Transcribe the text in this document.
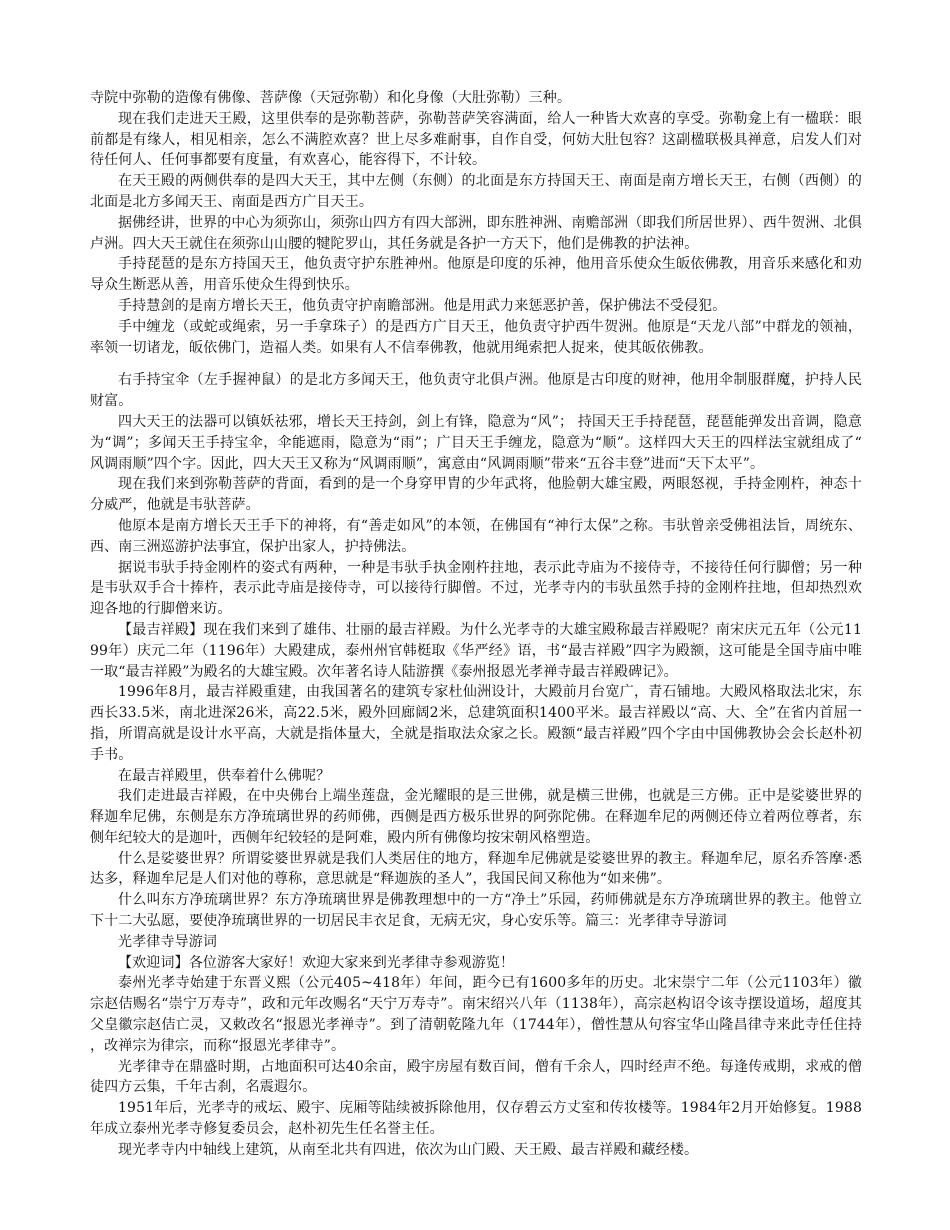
寺院中弥勒的造像有佛像、菩萨像（天冠弥勒）和化身像（大肚弥勒）三种。

现在我们走进天王殿，这里供奉的是弥勒菩萨，弥勒菩萨笑容满面，给人一种皆大欢喜的享受。弥勒龛上有一楹联：眼前都是有缘人，相见相亲，怎么不满腔欢喜？世上尽多难耐事，自作自受，何妨大肚包容？这副楹联极具禅意，启发人们对待任何人、任何事都要有度量，有欢喜心，能容得下，不计较。

在天王殿的两侧供奉的是四大天王，其中左侧（东侧）的北面是东方持国天王、南面是南方增长天王，右侧（西侧）的北面是北方多闻天王、南面是西方广目天王。

据佛经讲，世界的中心为须弥山，须弥山四方有四大部洲，即东胜神洲、南赡部洲（即我们所居世界）、西牛贺洲、北俱卢洲。四大天王就住在须弥山山腰的犍陀罗山，其任务就是各护一方天下，他们是佛教的护法神。

手持琵琶的是东方持国天王，他负责守护东胜神州。他原是印度的乐神，他用音乐使众生皈依佛教，用音乐来感化和劝导众生断恶从善，用音乐使众生得到快乐。

手持慧剑的是南方增长天王，他负责守护南瞻部洲。他是用武力来惩恶护善，保护佛法不受侵犯。

手中缠龙（或蛇或绳索，另一手拿珠子）的是西方广目天王，他负责守护西牛贺洲。他原是“天龙八部”中群龙的领袖，率领一切诸龙，皈依佛门，造福人类。如果有人不信奉佛教，他就用绳索把人捉来，使其皈依佛教。

右手持宝伞（左手握神鼠）的是北方多闻天王，他负责守北俱卢洲。他原是古印度的财神，他用伞制服群魔，护持人民财富。

四大天王的法器可以镇妖祛邪，增长天王持剑，剑上有锋，隐意为“风”； 持国天王手持琵琶，琵琶能弹发出音调，隐意为“调”；多闻天王手持宝伞，伞能遮雨，隐意为“雨”；广目天王手缠龙，隐意为“顺”。这样四大天王的四样法宝就组成了“风调雨顺”四个字。因此，四大天王又称为“风调雨顺”，寓意由“风调雨顺”带来“五谷丰登”进而“天下太平”。

现在我们来到弥勒菩萨的背面，看到的是一个身穿甲胄的少年武将，他脸朝大雄宝殿，两眼怒视，手持金刚杵，神态十分威严，他就是韦驮菩萨。

他原本是南方增长天王手下的神将，有“善走如风”的本领，在佛国有“神行太保”之称。韦驮曾亲受佛祖法旨，周统东、西、南三洲巡游护法事宜，保护出家人，护持佛法。

据说韦驮手持金刚杵的姿式有两种，一种是韦驮手执金刚杵拄地，表示此寺庙为不接侍寺，不接待任何行脚僧；另一种是韦驮双手合十捧杵，表示此寺庙是接侍寺，可以接待行脚僧。不过，光孝寺内的韦驮虽然手持的金刚杵拄地，但却热烈欢迎各地的行脚僧来访。

【最吉祥殿】现在我们来到了雄伟、壮丽的最吉祥殿。为什么光孝寺的大雄宝殿称最吉祥殿呢？南宋庆元五年（公元1199年）庆元二年（1196年）大殿建成，泰州州官韩梃取《华严经》语，书“最吉祥殿”四字为殿额，这可能是全国寺庙中唯一取“最吉祥殿”为殿名的大雄宝殿。次年著名诗人陆游撰《泰州报恩光孝禅寺最吉祥殿碑记》。

1996年8月，最吉祥殿重建，由我国著名的建筑专家杜仙洲设计，大殿前月台宽广，青石铺地。大殿风格取法北宋，东西长33.5米，南北进深26米，高22.5米，殿外回廊阔2米，总建筑面积1400平米。最吉祥殿以“高、大、全”在省内首屈一指，所谓高就是设计水平高，大就是指体量大，全就是指取法众家之长。殿额“最吉祥殿”四个字由中国佛教协会会长赵朴初手书。

在最吉祥殿里，供奉着什么佛呢？

我们走进最吉祥殿，在中央佛台上端坐莲盘，金光耀眼的是三世佛，就是横三世佛，也就是三方佛。正中是娑婆世界的释迦牟尼佛，东侧是东方净琉璃世界的药师佛，西侧是西方极乐世界的阿弥陀佛。在释迦牟尼的两侧还侍立着两位尊者，东侧年纪较大的是迦叶，西侧年纪较轻的是阿难，殿内所有佛像均按宋朝风格塑造。

什么是娑婆世界？所谓娑婆世界就是我们人类居住的地方，释迦牟尼佛就是娑婆世界的教主。释迦牟尼，原名乔答摩·悉达多，释迦牟尼是人们对他的尊称，意思就是“释迦族的圣人”，我国民间又称他为“如来佛”。

什么叫东方净琉璃世界？东方净琉璃世界是佛教理想中的一方“净土”乐园，药师佛就是东方净琉璃世界的教主。他曾立下十二大弘愿，要使净琉璃世界的一切居民丰衣足食，无病无灾，身心安乐等。篇三：光孝律寺导游词

光孝律寺导游词

【欢迎词】各位游客大家好！欢迎大家来到光孝律寺参观游览！

泰州光孝寺始建于东晋义熙（公元405~418年）年间，距今已有1600多年的历史。北宋崇宁二年（公元1103年）徽宗赵佶赐名“崇宁万寿寺”，政和元年改赐名“天宁万寿寺”。南宋绍兴八年（1138年），高宗赵构诏令该寺摆设道场，超度其父皇徽宗赵佶亡灵，又敕改名“报恩光孝禅寺”。到了清朝乾隆九年（1744年），僧性慧从句容宝华山隆昌律寺来此寺任住持，改禅宗为律宗，而称“报恩光孝律寺”。

光孝律寺在鼎盛时期，占地面积可达40余亩，殿宇房屋有数百间，僧有千余人，四时经声不绝。每逢传戒期，求戒的僧徒四方云集，千年古刹，名震遐尔。

1951年后，光孝寺的戒坛、殿宇、庑厢等陆续被拆除他用，仅存碧云方丈室和传妆楼等。1984年2月开始修复。1988年成立泰州光孝寺修复委员会，赵朴初先生任名誉主任。

现光孝寺内中轴线上建筑，从南至北共有四进，依次为山门殿、天王殿、最吉祥殿和藏经楼。
